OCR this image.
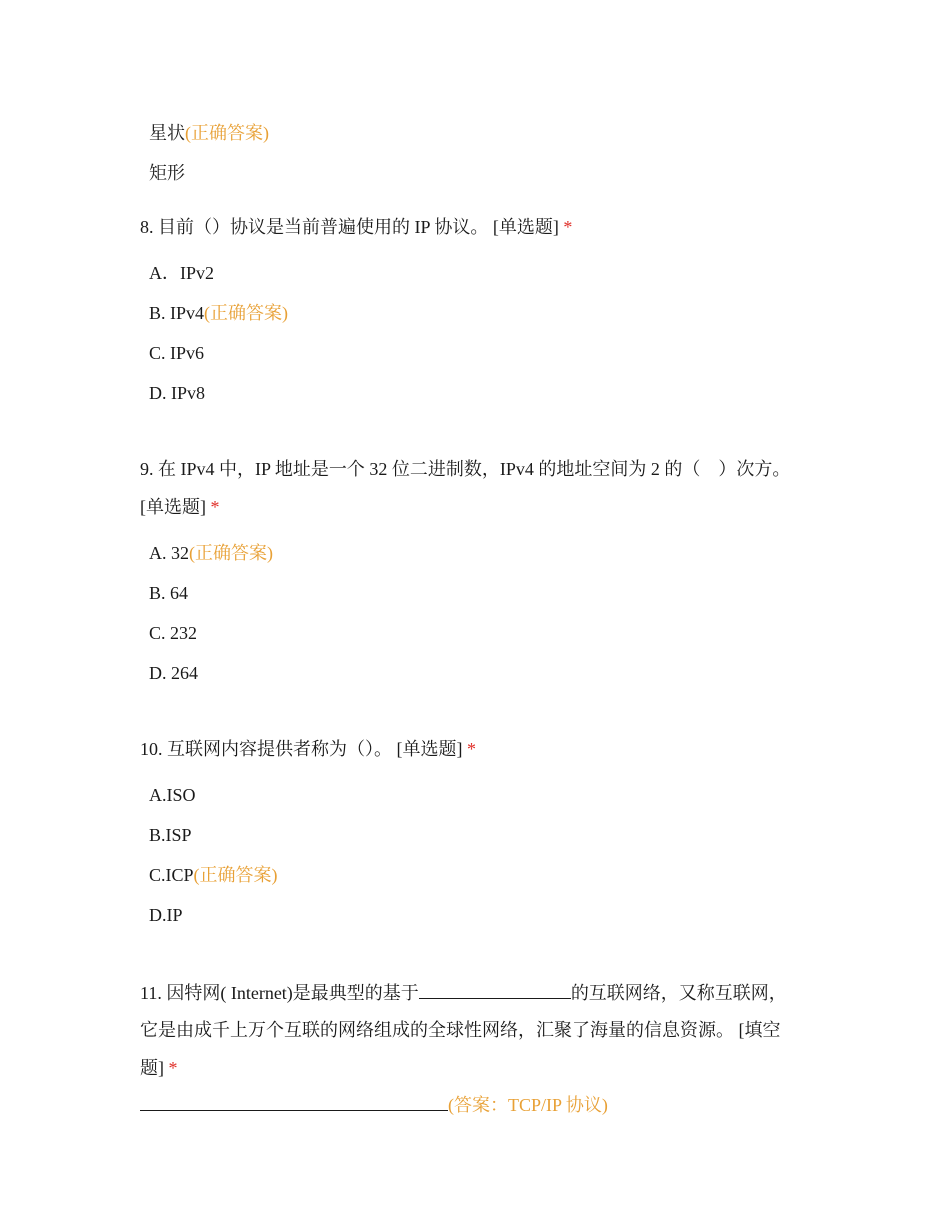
星状(正确答案)
矩形
8. 目前（）协议是当前普遍使用的 IP 协议。 [单选题] *
A．IPv2
B. IPv4(正确答案)
C. IPv6
D. IPv8
9. 在 IPv4 中，IP 地址是一个 32 位二进制数，IPv4 的地址空间为 2 的（　）次方。
[单选题] *
A. 32(正确答案)
B. 64
C. 232
D. 264
10. 互联网内容提供者称为（）。 [单选题] *
A.ISO
B.ISP
C.ICP(正确答案)
D.IP
11. 因特网( Internet)是最典型的基于	的互联网络，又称互联网，
它是由成千上万个互联的网络组成的全球性网络，汇聚了海量的信息资源。 [填空
题] *
(答案：TCP/IP 协议)
